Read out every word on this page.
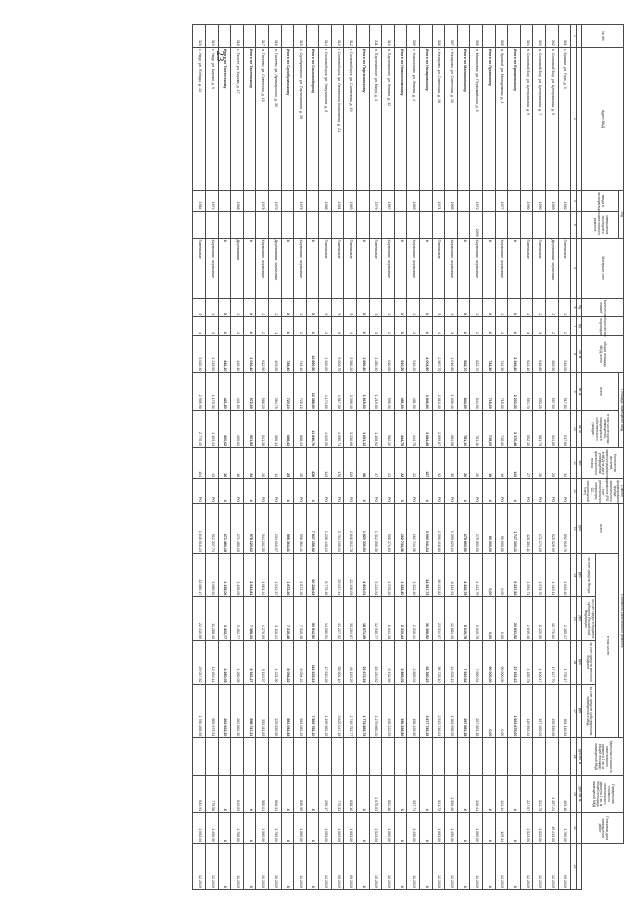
23
№ п/п	Адрес МКД	Год		Материал стен	Количество этажей	Количество подъездов	общая площадь МКД, всего	Площадь помещений МКД		Количество жителей, зарегистрированных в МКД на дату утверждения краткосрочного плана	Способ формирования фонда капитального ремонта (РО - счет регионального оператора; СС - специальный счет)	Стоимость капитального ремонта					Удельная стоимость капитального ремонта 1 кв. м общей площади помещений МКД	Предельная стоимость капитального ремонта 1 кв. м общей площади помещений МКД	Плановая дата завершения работ	
		ввода в эксплуатацию	завершения последнего капитального ремонта					всего	в том числе жилых помещений, находящихся в собственности граждан			всего	в том числе:							
													за счет средств Фонда	за счет средств бюджета субъекта Российской Федерации	за счет средств местного бюджета	за счет средств собственников помещений в МКД				
					ед.	ед.	кв. м	кв. м	кв. м	чел.		руб.	руб.	руб.	руб.	руб.	руб./кв. м	руб./кв. м		
1	2	3	4	5	6	7	8	9	10	11	12	13	14	15	16	17	18	19	20	21
301	с. Ермаки, ул. Гора, д. 3	1982		Панельные	2	2	516,00	517,80	517,80	34	РО	892 516,76	1 649,40	2 185,47	1 735,17	891 116,84		463,16	1 765,00	09.2019
302	п. Сосновый Бор, ул. Центральная, д. 5	1969		Деревянные, кирпичные	2	2	589,50	557,60	524,80	23	РО	525 025,09	1 415,11	10 770,62	17 147,70	495 535,66		1 457,24	19 213,00	12.2019
303	п. Сосновый Бор, ул. Центральная, д. 7	1990		Панельные	2	3	618,80	593,20	581,73	26	РО	171 174,15	1 578,70	8 225,95	4 100,47	157 269,03		524,73	1 523,00	12.2019
304	п. Сосновый Бор, ул. Центральная, д. 9	1990		Панельные	2	3	621,10	564,70	552,15	27	РО	128 384,11	1 594,71	2 649,48	4 185,78	119 953,44		227,67	1 523,00	12.2019
	Итого по Ермаковскому			Х	Х	Х	2 345,40	2 233,30	2 176,48	110	Х	1 717 100,11	6 237,92	23 831,52	27 169,12	1 663 875,00		Х	Х	Х
305	п. Луговой, ул. Молодежная, д. 1	1977		Кирпичные, кирпичные	2	2	742,30	715,00	715,00	19	РО	90 000,00	0,00	0,00	90 000,00	0,00		124,14	129,14	12.2019
	Итого по Лугавскому			Х	Х	Х	742,30	715,00	715,00	19	Х	90 000,00	0,00	0,00	90 000,00	0,00		Х	Х	Х
306	п. Малиновка, ул. Первомайская, д. 6	1972	2009	Кирпичные, кирпичные	2	2	822,70	844,90	781,10	20	РО	275 893,50	4 422,79	5 619,78	7 660,54	257 881,38		326,41	1 565,00	11.2019
	Итого по Малиновскому			Х	Х	Х	822,70	844,90	781,10	20	Х	275 893,50	4 422,79	5 619,78	7 660,54	257 881,38		Х	Х	Х
307	г. Назарово, ул. Советская, д. 10	1965		Кирпичные, кирпичные	3	3	1 016,80	1 036,40	984,58	35	РО	1 399 623,04	8 114,91	12 884,45	14 625,13	1 363 998,55		1 350,46	1 450,00	12.2019
308	г. Назарово, ул. Советская, д. 16	1971		Панельные	5	4	2 987,70	2 810,40	2 699,87	92	РО	2 590 418,60	16 432,82	23 514,07	36 725,10	2 513 746,61		921,73	1 063,00	12.2019
	Итого по Назаровскому			Х	Х	Х	4 004,50	3 846,80	3 684,45	127	Х	3 990 041,64	24 547,73	36 398,52	51 350,23	3 877 745,16		Х	Х	Х
309	с. Новоселово, ул. Ленина, д. 4	1963		Кирпичные, кирпичные	2	2	510,20	481,90	444,75	22	РО	162 744,36	1 322,40	2 310,44	2 883,02	156 228,50		337,71	1 430,00	11.2019
	Итого по Новоселовскому			Х	Х	Х	510,20	481,90	444,75	22	Х	162 744,36	1 322,40	2 310,44	2 883,02	156 228,50		Х	Х	Х
310	п. Партизанское, ул. Ленина, д. 12	1967		Кирпичные, кирпичные	2	2	610,00	596,30	582,20	21	РО	508 274,63	1 578,20	6 041,18	5 432,66	495 222,59		852,38	1 565,00	10.2019
311	п. Партизанское, ул. Мира, д. 3	1979		Панельные	3	3	1 280,40	1 219,60	1 108,92	47	РО	1 312 056,30	3 224,81	12 930,77	16 240,52	1 279 660,20		1 075,81	1 523,00	10.2019
	Итого по Партизанскому			Х	Х	Х	1 890,40	1 815,90	1 691,12	68	Х	1 820 330,93	4 803,01	18 971,95	21 673,18	1 774 882,79		Х	Х	Х
312	г. Сосновоборск, ул. Солнечная, д. 19	1983		Панельные	5	4	3 560,20	3 396,40	3 230,66	119	РО	2 846 512,78	22 436,09	35 204,67	40 119,25	2 748 752,77		838,10	1 063,00	09.2019
313	г. Сосновоборск, ул. Ленинского Комсомола, д. 21	1981		Панельные	5	6	5 009,70	4 817,30	4 590,71	176	РО	3 754 196,04	29 017,44	41 227,32	58 904,10	3 625 047,18		779,31	1 063,00	09.2019
314	г. Сосновоборск, ул. Энтузиастов, д. 8	1986		Панельные	9	2	4 320,60	4 174,80	4 025,39	143	РО	1 236 448,10	8 775,16	14 080,51	17 610,28	1 195 982,15		296,17	1 063,00	12.2019
	Итого по Сосновоборску			Х	Х	Х	12 890,50	12 388,50	11 846,76	438	Х	7 837 156,92	60 228,69	90 512,50	116 633,63	7 569 782,10		Х	Х	Х
315	с. Сухобузимское, ул. Партизанская, д. 39	1975		Кирпичные, кирпичные	2	2	745,40	720,10	688,43	25	РО	598 364,41	1 872,26	7 315,48	8 094,22	581 082,45		830,95	1 565,00	11.2019
	Итого по Сухобузимскому			Х	Х	Х	745,40	720,10	688,43	25	Х	598 364,41	1 872,26	7 315,48	8 094,22	581 082,45		Х	Х	Х
316	п. Тасеево, ул. Луначарского, д. 30	1970		Деревянные, кирпичные	2	1	403,50	384,70	360,14	14	РО	234 018,07	1 042,37	3 118,24	4 221,90	225 635,56		608,31	1 765,00	10.2019
317	п. Тасеево, ул. Советская, д. 15	1978		Кирпичные, кирпичные	2	2	612,90	588,20	541,38	20	РО	344 102,55	1 601,44	4 270,09	5 119,37	333 111,65		585,01	1 565,00	10.2019
	Итого по Тасеевскому			Х	Х	Х	1 016,40	972,90	901,52	34	Х	578 120,62	2 643,81	7 388,33	9 341,27	558 747,21		Х	Х	Х
318	с. Тюхтет, ул. Кирова, д. 17	1968		Деревянные	2	2	446,10	421,80	400,62	16	РО	271 480,18	1 135,06	3 402,77	4 280,05	262 662,30		643,63	1 765,00	11.2019
	Итого по Тюхтетскому			Х	Х	Х	446,10	421,80	400,62	16	Х	271 480,18	1 135,06	3 402,77	4 280,05	262 662,30		Х	Х	Х
319	с. Ужур, ул. Кирова, д. 9	1974		Кирпичные, кирпичные	3	3	1 215,60	1 170,30	1 103,43	43	РО	912 337,74	3 085,92	11 268,40	12 004,11	885 979,31		779,58	1 450,00	12.2019
320	с. Ужур, ул. Победы, д. 14	1984		Панельные	5	4	3 020,40	2 906,90	2 770,45	104	РО	1 845 610,23	13 880,17	22 415,66	29 047,82	1 780 266,58		634,91	1 063,00	12.2019
